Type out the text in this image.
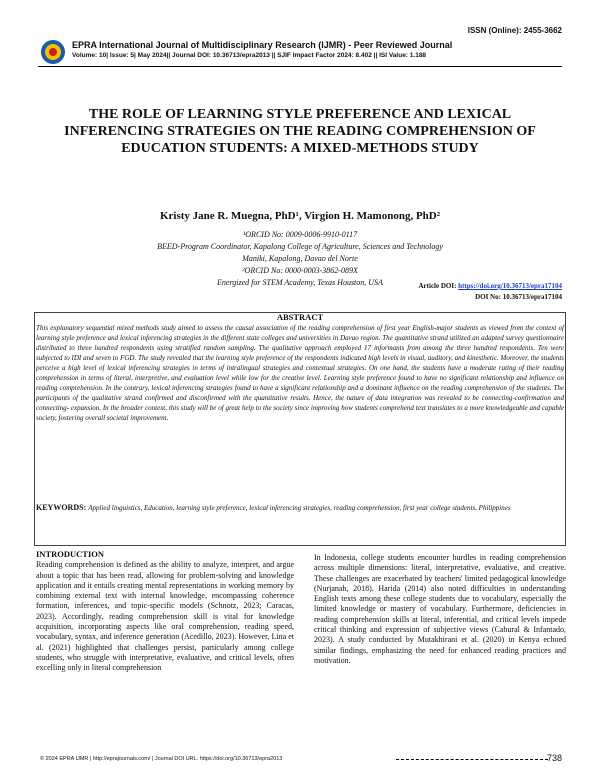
ISSN (Online): 2455-3662
EPRA International Journal of Multidisciplinary Research (IJMR) - Peer Reviewed Journal
Volume: 10| Issue: 5| May 2024|| Journal DOI: 10.36713/epra2013 || SJIF Impact Factor 2024: 8.402 || ISI Value: 1.188
THE ROLE OF LEARNING STYLE PREFERENCE AND LEXICAL INFERENCING STRATEGIES ON THE READING COMPREHENSION OF EDUCATION STUDENTS: A MIXED-METHODS STUDY
Kristy Jane R. Muegna, PhD¹, Virgion H. Mamonong, PhD²
¹ORCID No: 0009-0006-9910-0117
BEED-Program Coordinator, Kapalong College of Agriculture, Sciences and Technology
Maniki, Kapalong, Davao del Norte
²ORCID No: 0000-0003-3862-089X
Energized for STEM Academy, Texas Houston, USA	Article DOI: https://doi.org/10.36713/epra17104
DOI No: 10.36713/epra17104
ABSTRACT
This explanatory sequential mixed methods study aimed to assess the causal association of the reading comprehension of first year English-major students as viewed from the context of learning style preference and lexical inferencing strategies in the different state colleges and universities in Davao region. The quantitative strand utilized an adapted survey questionnaire distributed to three hundred respondents using stratified random sampling. The qualitative approach employed 17 informants from among the three hundred respondents. Ten were subjected to IDI and seven to FGD. The study revealed that the learning style preference of the respondents indicated high levels in visual, auditory, and kinesthetic. Moreover, the students perceive a high level of lexical inferencing strategies in terms of intralingual strategies and contextual strategies. On one hand, the students have a moderate rating of their reading comprehension in terms of literal, interpretive, and evaluation level while low for the creative level. Learning style preference found to have no significant relationship and influence on reading comprehension. In the contrary, lexical inferencing strategies found to have a significant relationship and a dominant influence on the reading comprehension of the students. The participants of the qualitative strand confirmed and disconfirmed with the quantitative results. Hence, the nature of data integration was revealed to be connecting-confirmation and connecting- expansion. In the broader context, this study will be of great help to the society since improving how students comprehend text translates to a more knowledgeable and capable society, fostering overall societal improvement.
KEYWORDS: Applied linguistics, Education, learning style preference, lexical inferencing strategies, reading comprehension, first year college students, Philippines
INTRODUCTION
Reading comprehension is defined as the ability to analyze, interpret, and argue about a topic that has been read, allowing for problem-solving and knowledge application and it entails creating mental representations in working memory by combining external text with internal knowledge, encompassing coherence formation, inferences, and topic-specific models (Schnotz, 2023; Caracas, 2023). Accordingly, reading comprehension skill is vital for knowledge acquisition, incorporating aspects like oral comprehension, reading speed, vocabulary, syntax, and inference generation (Acedillo, 2023). However, Lina et al. (2021) highlighted that challenges persist, particularly among college students, who struggle with interpretative, evaluative, and critical levels, often excelling only in literal comprehension
In Indonesia, college students encounter hurdles in reading comprehension across multiple dimensions: literal, interpretative, evaluative, and creative. These challenges are exacerbated by teachers' limited pedagogical knowledge (Nurjanah, 2018). Harida (2014) also noted difficulties in understanding English texts among these college students due to vocabulary, especially the limited knowledge or mastery of vocabulary. Furthermore, deficiencies in reading comprehension skills at literal, inferential, and critical levels impede critical thinking and expression of subjective views (Cabural & Infantado, 2023). A study conducted by Mutakhirani et al. (2020) in Kenya echoed similar findings, emphasizing the need for enhanced reading practices and motivation.
© 2024 EPRA IJMR | http://eprajournals.com/ | Journal DOI URL: https://doi.org/10.36713/epra2013	738
